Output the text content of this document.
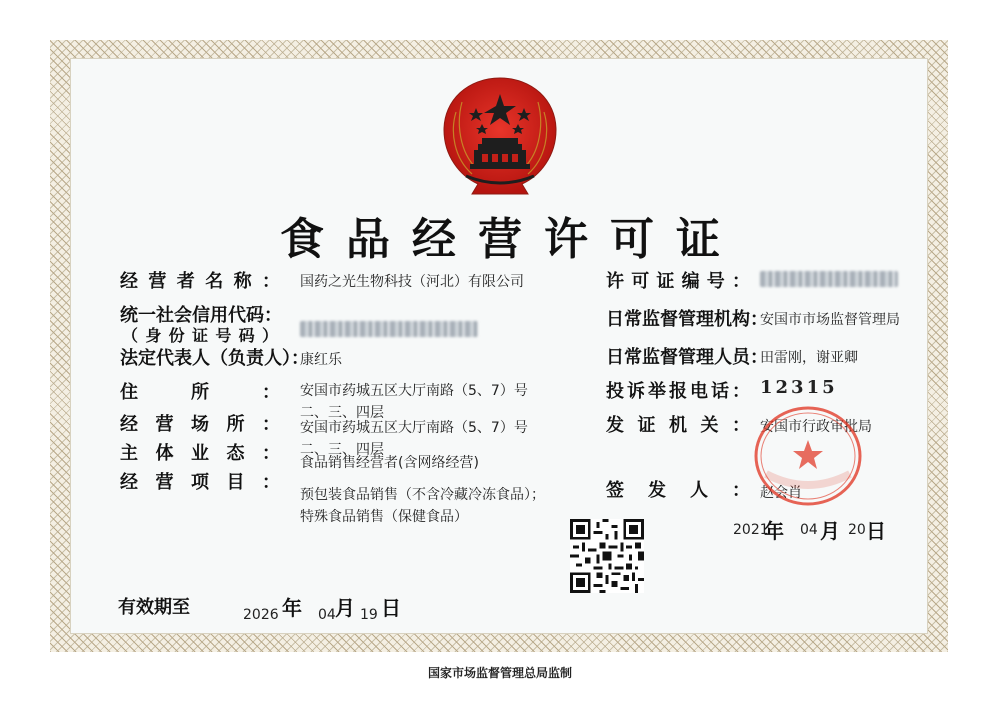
食品经营许可证
经营者名称： 国药之光生物科技（河北）有限公司
统一社会信用代码：
（身份证号码）
法定代表人（负责人）：
康红乐
住所： 安国市药城五区大厅南路（5、7）号二、三、四层
经营场所： 安国市药城五区大厅南路（5、7）号二、三、四层
主体业态： 食品销售经营者(含网络经营)
经营项目：
预包装食品销售（不含冷藏冷冻食品）；特殊食品销售（保健食品）
许可证编号：
日常监督管理机构：
安国市市场监督管理局
日常监督管理人员：
田雷刚，谢亚卿
投诉举报电话： 12315
发证机关： 安国市行政审批局
签发人： 赵会肖
2021
年 04 月 20 日
有效期至	2026 年 04 月 19 日
国家市场监督管理总局监制
